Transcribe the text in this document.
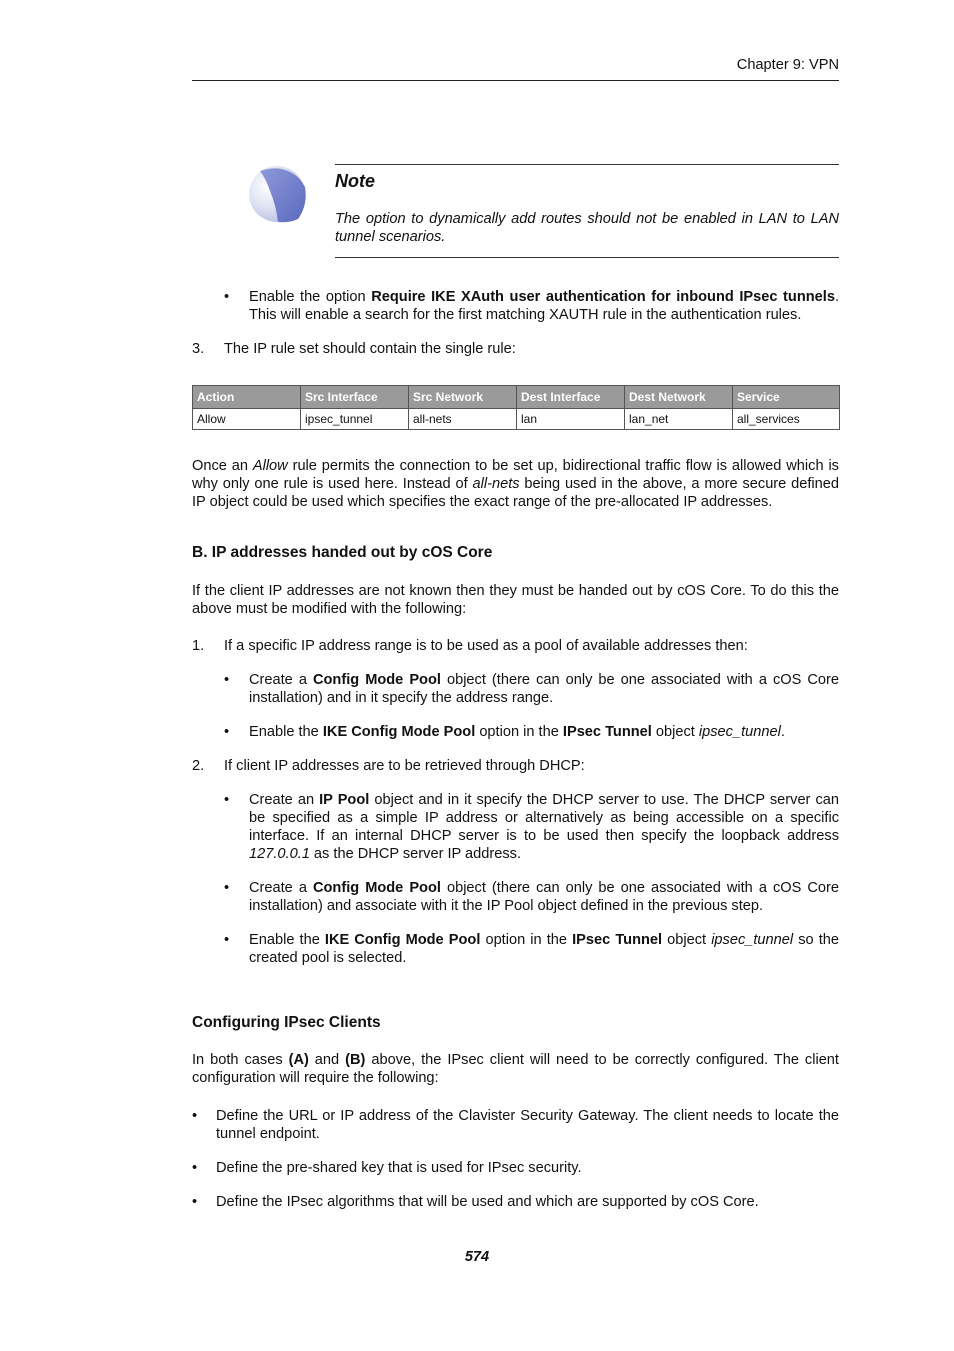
Chapter 9: VPN
Note
The option to dynamically add routes should not be enabled in LAN to LAN tunnel scenarios.
• Enable the option Require IKE XAuth user authentication for inbound IPsec tunnels. This will enable a search for the first matching XAUTH rule in the authentication rules.
3. The IP rule set should contain the single rule:
Action	Src Interface	Src Network	Dest Interface	Dest Network	Service
Allow	ipsec_tunnel	all-nets	lan	lan_net	all_services
Once an Allow rule permits the connection to be set up, bidirectional traffic flow is allowed which is why only one rule is used here. Instead of all-nets being used in the above, a more secure defined IP object could be used which specifies the exact range of the pre-allocated IP addresses.
B. IP addresses handed out by cOS Core
If the client IP addresses are not known then they must be handed out by cOS Core. To do this the above must be modified with the following:
1. If a specific IP address range is to be used as a pool of available addresses then:
• Create a Config Mode Pool object (there can only be one associated with a cOS Core installation) and in it specify the address range.
• Enable the IKE Config Mode Pool option in the IPsec Tunnel object ipsec_tunnel.
2. If client IP addresses are to be retrieved through DHCP:
• Create an IP Pool object and in it specify the DHCP server to use. The DHCP server can be specified as a simple IP address or alternatively as being accessible on a specific interface. If an internal DHCP server is to be used then specify the loopback address 127.0.0.1 as the DHCP server IP address.
• Create a Config Mode Pool object (there can only be one associated with a cOS Core installation) and associate with it the IP Pool object defined in the previous step.
• Enable the IKE Config Mode Pool option in the IPsec Tunnel object ipsec_tunnel so the created pool is selected.
Configuring IPsec Clients
In both cases (A) and (B) above, the IPsec client will need to be correctly configured. The client configuration will require the following:
• Define the URL or IP address of the Clavister Security Gateway. The client needs to locate the tunnel endpoint.
• Define the pre-shared key that is used for IPsec security.
• Define the IPsec algorithms that will be used and which are supported by cOS Core.
574
